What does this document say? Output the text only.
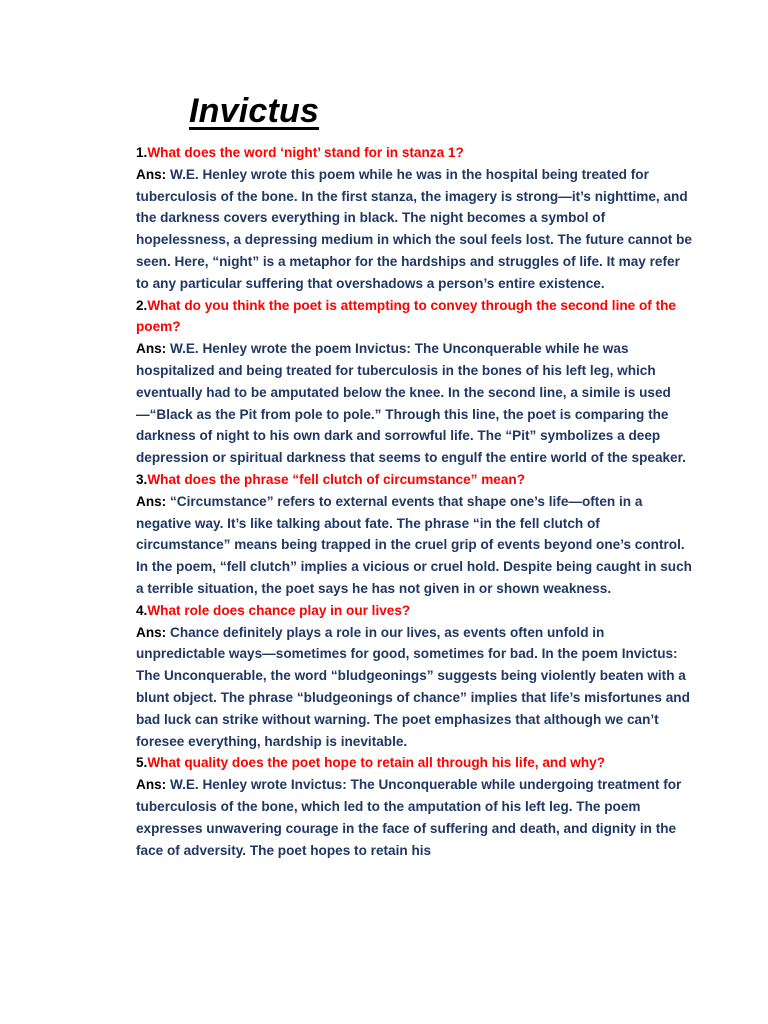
Invictus

1.What does the word ‘night’ stand for in stanza 1?

Ans: W.E. Henley wrote this poem while he was in the hospital being treated for tuberculosis of the bone. In the first stanza, the imagery is strong—it’s nighttime, and the darkness covers everything in black. The night becomes a symbol of hopelessness, a depressing medium in which the soul feels lost. The future cannot be seen. Here, “night” is a metaphor for the hardships and struggles of life. It may refer to any particular suffering that overshadows a person’s entire existence.

2.What do you think the poet is attempting to convey through the second line of the poem?

Ans: W.E. Henley wrote the poem Invictus: The Unconquerable while he was hospitalized and being treated for tuberculosis in the bones of his left leg, which eventually had to be amputated below the knee. In the second line, a simile is used—“Black as the Pit from pole to pole.” Through this line, the poet is comparing the darkness of night to his own dark and sorrowful life. The “Pit” symbolizes a deep depression or spiritual darkness that seems to engulf the entire world of the speaker.

3.What does the phrase “fell clutch of circumstance” mean?

Ans: “Circumstance” refers to external events that shape one’s life—often in a negative way. It’s like talking about fate. The phrase “in the fell clutch of circumstance” means being trapped in the cruel grip of events beyond one’s control. In the poem, “fell clutch” implies a vicious or cruel hold. Despite being caught in such a terrible situation, the poet says he has not given in or shown weakness.

4.What role does chance play in our lives?

Ans: Chance definitely plays a role in our lives, as events often unfold in unpredictable ways—sometimes for good, sometimes for bad. In the poem Invictus: The Unconquerable, the word “bludgeonings” suggests being violently beaten with a blunt object. The phrase “bludgeonings of chance” implies that life’s misfortunes and bad luck can strike without warning. The poet emphasizes that although we can’t foresee everything, hardship is inevitable.

5.What quality does the poet hope to retain all through his life, and why?

Ans: W.E. Henley wrote Invictus: The Unconquerable while undergoing treatment for tuberculosis of the bone, which led to the amputation of his left leg. The poem expresses unwavering courage in the face of suffering and death, and dignity in the face of adversity. The poet hopes to retain his
